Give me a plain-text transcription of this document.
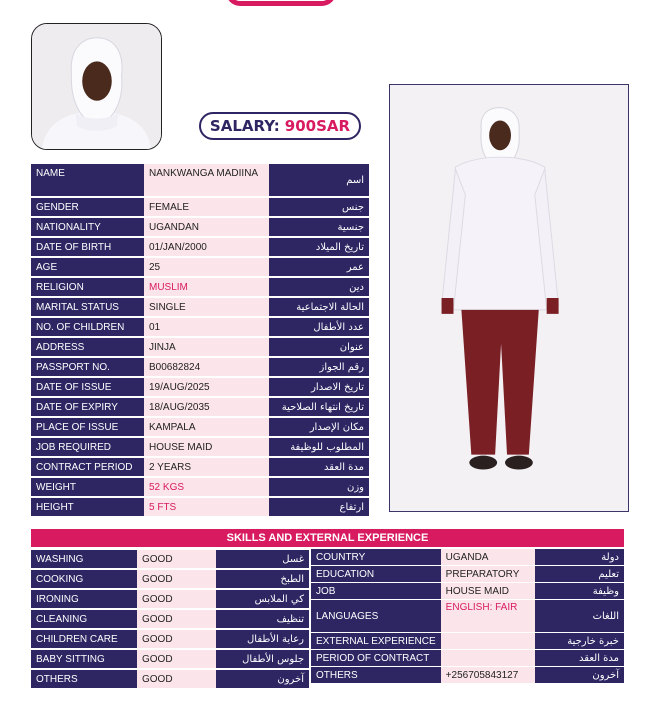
SALARY: 900SAR
NAME	NANKWANGA MADIINA	اسم
GENDER	FEMALE	جنس
NATIONALITY	UGANDAN	جنسية
DATE OF BIRTH	01/JAN/2000	تاريخ الميلاد
AGE	25	عمر
RELIGION	MUSLIM	دين
MARITAL STATUS	SINGLE	الحالة الاجتماعية
NO. OF CHILDREN	01	عدد الأطفال
ADDRESS	JINJA	عنوان
PASSPORT NO.	B00682824	رقم الجواز
DATE OF ISSUE	19/AUG/2025	تاريخ الاصدار
DATE OF EXPIRY	18/AUG/2035	تاريخ انتهاء الصلاحية
PLACE OF ISSUE	KAMPALA	مكان الإصدار
JOB REQUIRED	HOUSE MAID	المطلوب للوظيفة
CONTRACT PERIOD	2 YEARS	مدة العقد
WEIGHT	52 KGS	وزن
HEIGHT	5 FTS	ارتفاع
SKILLS AND EXTERNAL EXPERIENCE
WASHING	GOOD	غسل
COOKING	GOOD	الطبخ
IRONING	GOOD	كي الملابس
CLEANING	GOOD	تنظيف
CHILDREN CARE	GOOD	رعاية الأطفال
BABY SITTING	GOOD	جلوس الأطفال
OTHERS	GOOD	آخرون
COUNTRY	UGANDA	دولة
EDUCATION	PREPARATORY	تعليم
JOB	HOUSE MAID	وظيفة
LANGUAGES	ENGLISH: FAIR	اللغات
EXTERNAL EXPERIENCE		خبرة خارجية
PERIOD OF CONTRACT		مدة العقد
OTHERS	+256705843127	آخرون
